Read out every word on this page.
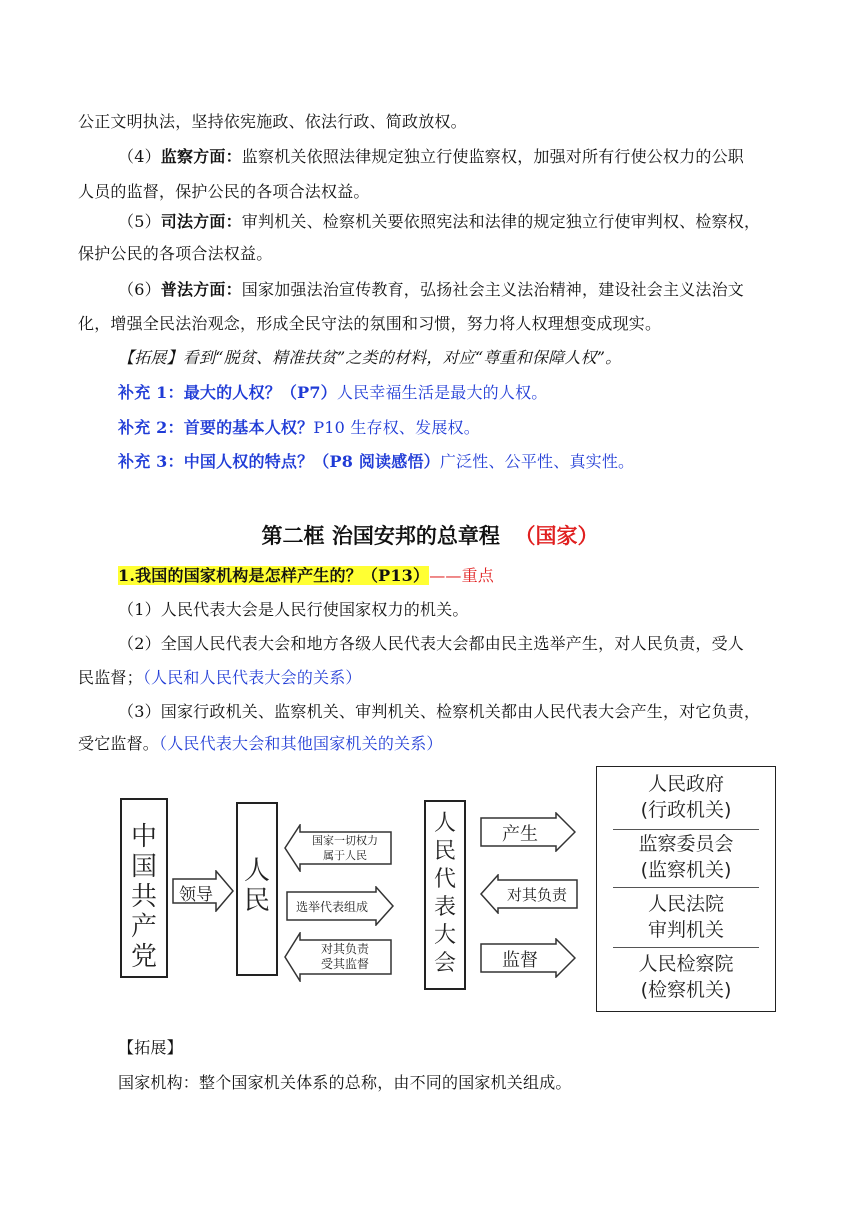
公正文明执法，坚持依宪施政、依法行政、简政放权。
（4）监察方面：监察机关依照法律规定独立行使监察权，加强对所有行使公权力的公职
人员的监督，保护公民的各项合法权益。
（5）司法方面：审判机关、检察机关要依照宪法和法律的规定独立行使审判权、检察权，
保护公民的各项合法权益。
（6）普法方面：国家加强法治宣传教育，弘扬社会主义法治精神，建设社会主义法治文
化，增强全民法治观念，形成全民守法的氛围和习惯，努力将人权理想变成现实。
【拓展】看到“脱贫、精准扶贫”之类的材料，对应“尊重和保障人权”。
补充 1：最大的人权？（P7）人民幸福生活是最大的人权。
补充 2：首要的基本人权？P10 生存权、发展权。
补充 3：中国人权的特点？（P8 阅读感悟）广泛性、公平性、真实性。
第二框 治国安邦的总章程 （国家）
1.我国的国家机构是怎样产生的？（P13）——重点
（1）人民代表大会是人民行使国家权力的机关。
（2）全国人民代表大会和地方各级人民代表大会都由民主选举产生，对人民负责，受人
民监督；（人民和人民代表大会的关系）
（3）国家行政机关、监察机关、审判机关、检察机关都由人民代表大会产生，对它负责，
受它监督。（人民代表大会和其他国家机关的关系）
中
国
共
产
党
领导
人
民
国家一切权力
属于人民
选举代表组成
对其负责
受其监督
人
民
代
表
大
会
产生
对其负责
监督
人民政府
(行政机关)
监察委员会
(监察机关)
人民法院
审判机关
人民检察院
(检察机关)
【拓展】
国家机构：整个国家机关体系的总称，由不同的国家机关组成。
